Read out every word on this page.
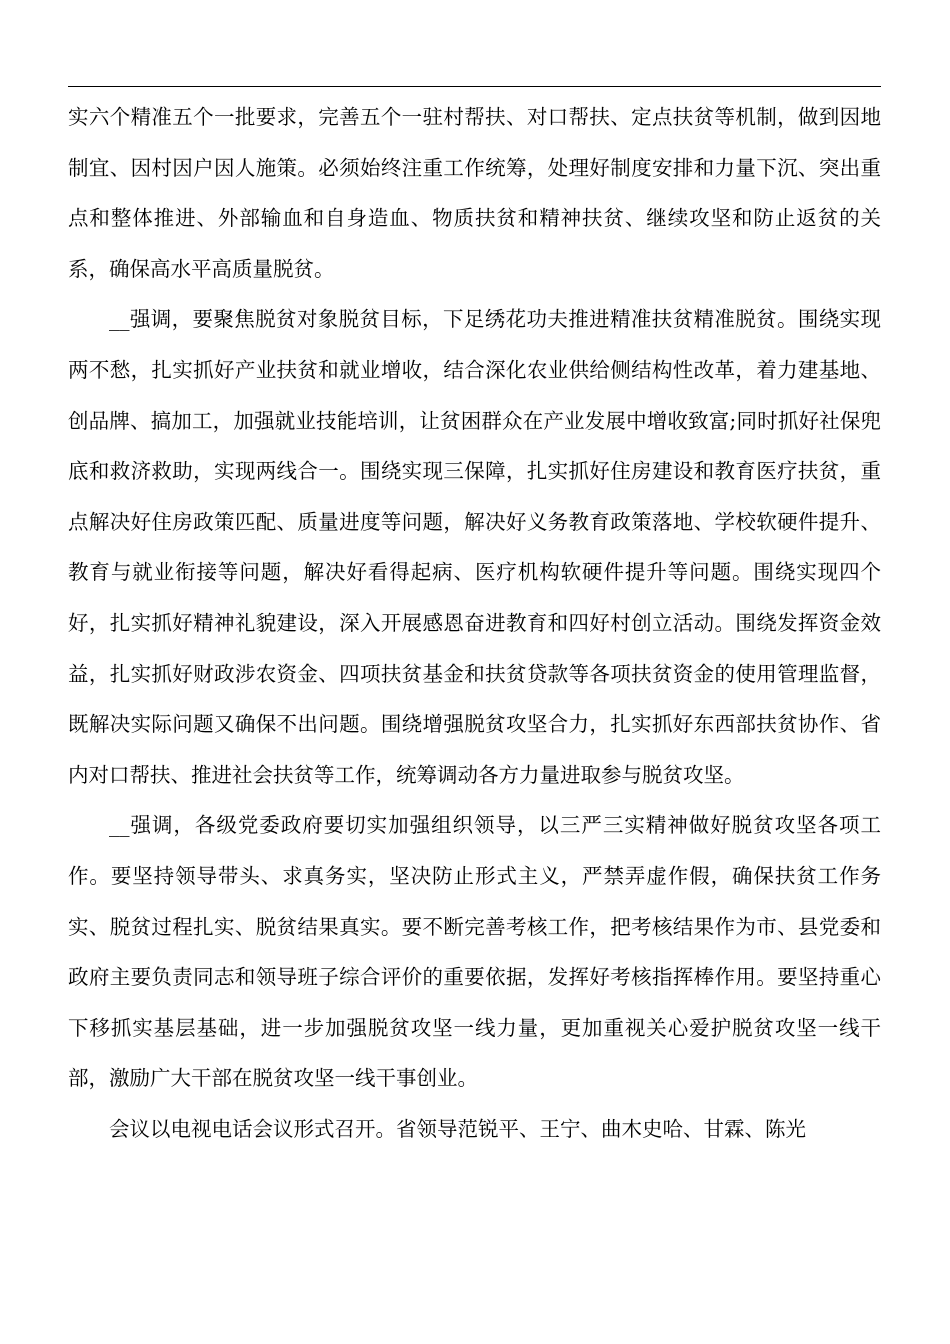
实六个精准五个一批要求，完善五个一驻村帮扶、对口帮扶、定点扶贫等机制，做到因地制宜、因村因户因人施策。必须始终注重工作统筹，处理好制度安排和力量下沉、突出重点和整体推进、外部输血和自身造血、物质扶贫和精神扶贫、继续攻坚和防止返贫的关系，确保高水平高质量脱贫。

__强调，要聚焦脱贫对象脱贫目标，下足绣花功夫推进精准扶贫精准脱贫。围绕实现两不愁，扎实抓好产业扶贫和就业增收，结合深化农业供给侧结构性改革，着力建基地、创品牌、搞加工，加强就业技能培训，让贫困群众在产业发展中增收致富;同时抓好社保兜底和救济救助，实现两线合一。围绕实现三保障，扎实抓好住房建设和教育医疗扶贫，重点解决好住房政策匹配、质量进度等问题，解决好义务教育政策落地、学校软硬件提升、教育与就业衔接等问题，解决好看得起病、医疗机构软硬件提升等问题。围绕实现四个好，扎实抓好精神礼貌建设，深入开展感恩奋进教育和四好村创立活动。围绕发挥资金效益，扎实抓好财政涉农资金、四项扶贫基金和扶贫贷款等各项扶贫资金的使用管理监督，既解决实际问题又确保不出问题。围绕增强脱贫攻坚合力，扎实抓好东西部扶贫协作、省内对口帮扶、推进社会扶贫等工作，统筹调动各方力量进取参与脱贫攻坚。

__强调，各级党委政府要切实加强组织领导，以三严三实精神做好脱贫攻坚各项工作。要坚持领导带头、求真务实，坚决防止形式主义，严禁弄虚作假，确保扶贫工作务实、脱贫过程扎实、脱贫结果真实。要不断完善考核工作，把考核结果作为市、县党委和政府主要负责同志和领导班子综合评价的重要依据，发挥好考核指挥棒作用。要坚持重心下移抓实基层基础，进一步加强脱贫攻坚一线力量，更加重视关心爱护脱贫攻坚一线干部，激励广大干部在脱贫攻坚一线干事创业。

会议以电视电话会议形式召开。省领导范锐平、王宁、曲木史哈、甘霖、陈光
